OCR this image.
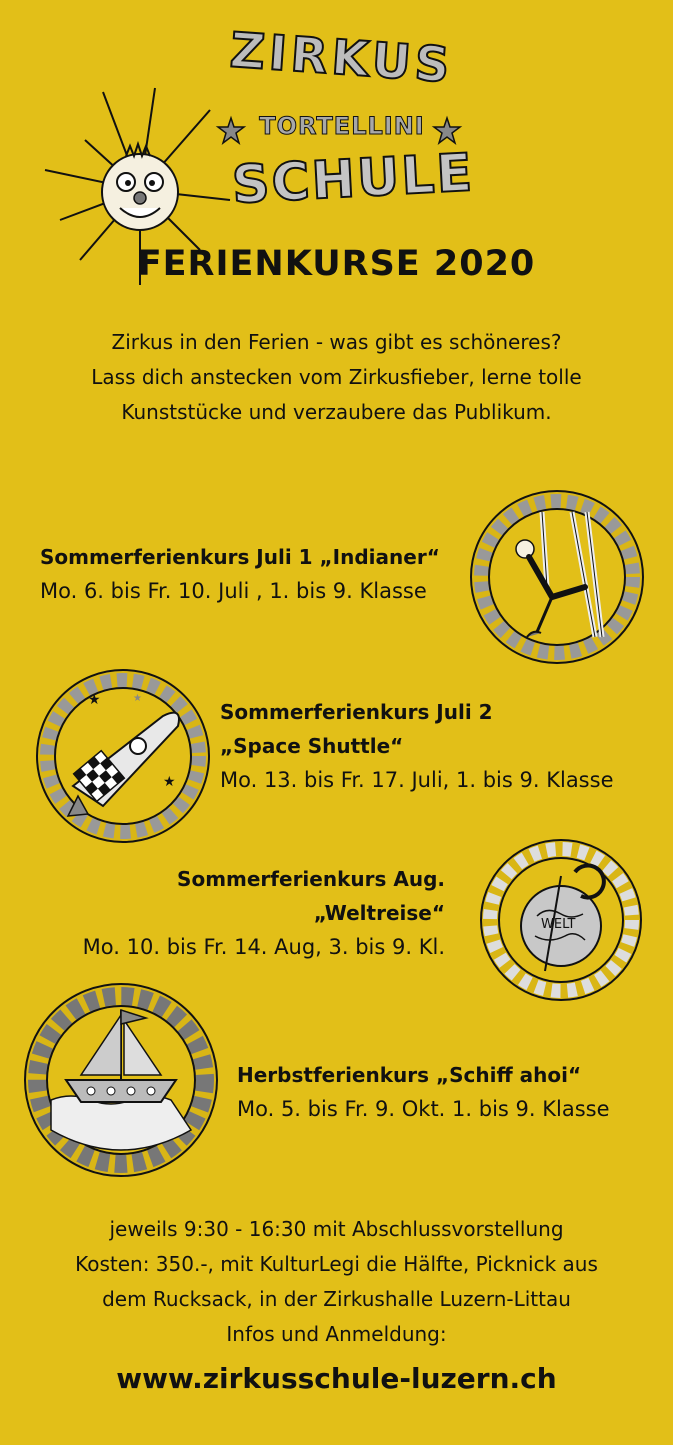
ZIRKUS
TORTELLINI
SCHULE
FERIENKURSE 2020
Zirkus in den Ferien - was gibt es schöneres?
Lass dich anstecken vom Zirkusfieber, lerne tolle
Kunststücke und verzaubere das Publikum.
Sommerferienkurs Juli 1 „Indianer“
Mo. 6. bis Fr. 10. Juli , 1. bis 9. Klasse
★
★
★
Sommerferienkurs Juli 2
„Space Shuttle“
Mo. 13. bis Fr. 17. Juli, 1. bis 9. Klasse
Sommerferienkurs Aug.
„Weltreise“
Mo. 10. bis Fr. 14. Aug, 3. bis 9. Kl.
WELT
Herbstferienkurs „Schiff ahoi“
Mo. 5. bis Fr. 9. Okt. 1. bis 9. Klasse
jeweils 9:30 - 16:30 mit Abschlussvorstellung
Kosten: 350.-, mit KulturLegi die Hälfte, Picknick aus
dem Rucksack, in der Zirkushalle Luzern-Littau
Infos und Anmeldung:
www.zirkusschule-luzern.ch
